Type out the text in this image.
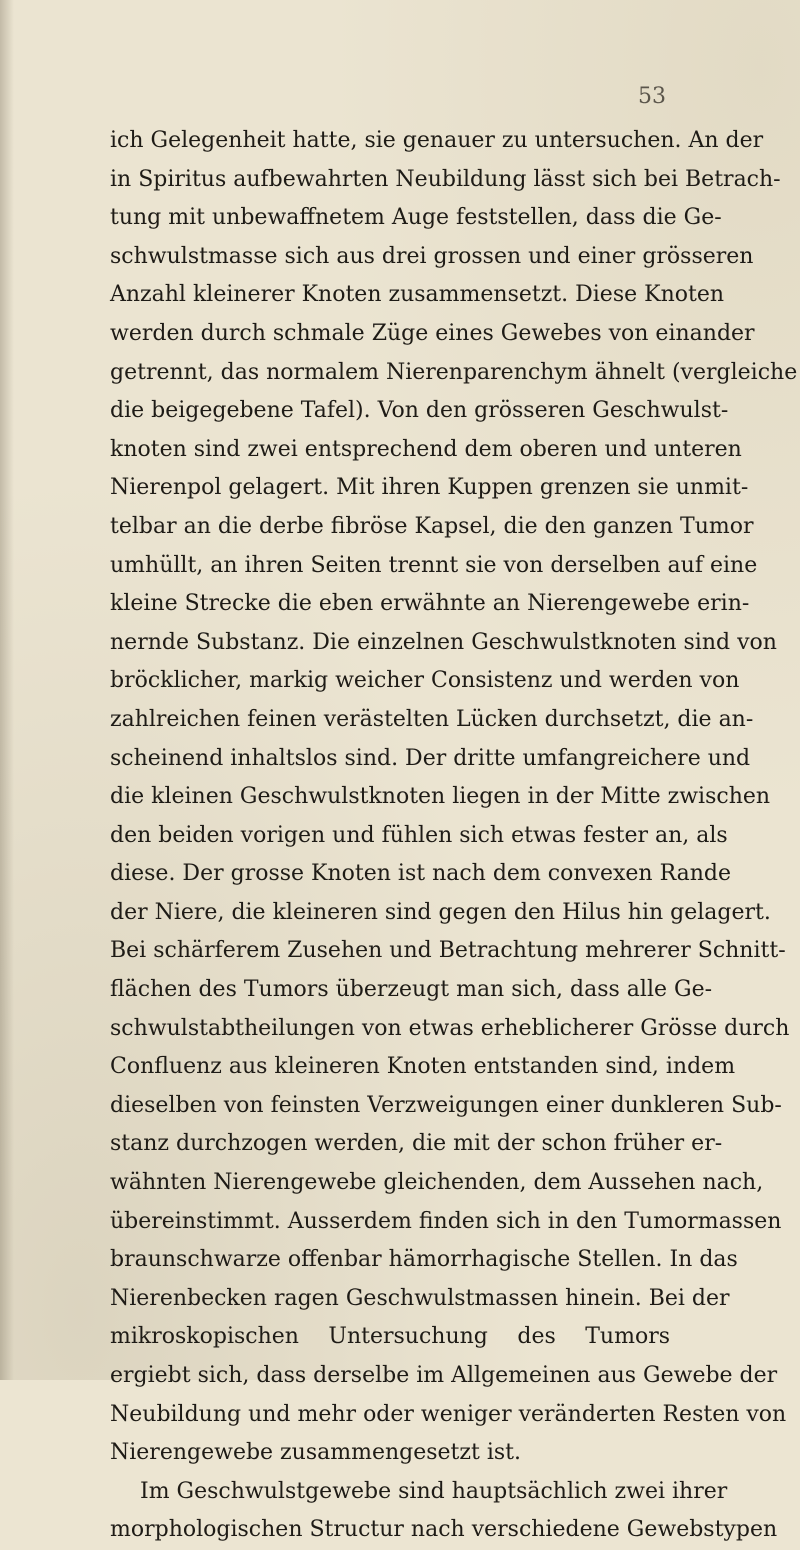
53
ich Gelegenheit hatte, sie genauer zu untersuchen. An der
in Spiritus aufbewahrten Neubildung lässt sich bei Betrach-
tung mit unbewaffnetem Auge feststellen, dass die Ge-
schwulstmasse sich aus drei grossen und einer grösseren
Anzahl kleinerer Knoten zusammensetzt. Diese Knoten
werden durch schmale Züge eines Gewebes von einander
getrennt, das normalem Nierenparenchym ähnelt (vergleiche
die beigegebene Tafel). Von den grösseren Geschwulst-
knoten sind zwei entsprechend dem oberen und unteren
Nierenpol gelagert. Mit ihren Kuppen grenzen sie unmit-
telbar an die derbe fibröse Kapsel, die den ganzen Tumor
umhüllt, an ihren Seiten trennt sie von derselben auf eine
kleine Strecke die eben erwähnte an Nierengewebe erin-
nernde Substanz. Die einzelnen Geschwulstknoten sind von
bröcklicher, markig weicher Consistenz und werden von
zahlreichen feinen verästelten Lücken durchsetzt, die an-
scheinend inhaltslos sind. Der dritte umfangreichere und
die kleinen Geschwulstknoten liegen in der Mitte zwischen
den beiden vorigen und fühlen sich etwas fester an, als
diese. Der grosse Knoten ist nach dem convexen Rande
der Niere, die kleineren sind gegen den Hilus hin gelagert.
Bei schärferem Zusehen und Betrachtung mehrerer Schnitt-
flächen des Tumors überzeugt man sich, dass alle Ge-
schwulstabtheilungen von etwas erheblicherer Grösse durch
Confluenz aus kleineren Knoten entstanden sind, indem
dieselben von feinsten Verzweigungen einer dunkleren Sub-
stanz durchzogen werden, die mit der schon früher er-
wähnten Nierengewebe gleichenden, dem Aussehen nach,
übereinstimmt. Ausserdem finden sich in den Tumormassen
braunschwarze offenbar hämorrhagische Stellen. In das
Nierenbecken ragen Geschwulstmassen hinein. Bei der
mikroskopischen Untersuchung des Tumors
ergiebt sich, dass derselbe im Allgemeinen aus Gewebe der
Neubildung und mehr oder weniger veränderten Resten von
Nierengewebe zusammengesetzt ist.
Im Geschwulstgewebe sind hauptsächlich zwei ihrer
morphologischen Structur nach verschiedene Gewebstypen
